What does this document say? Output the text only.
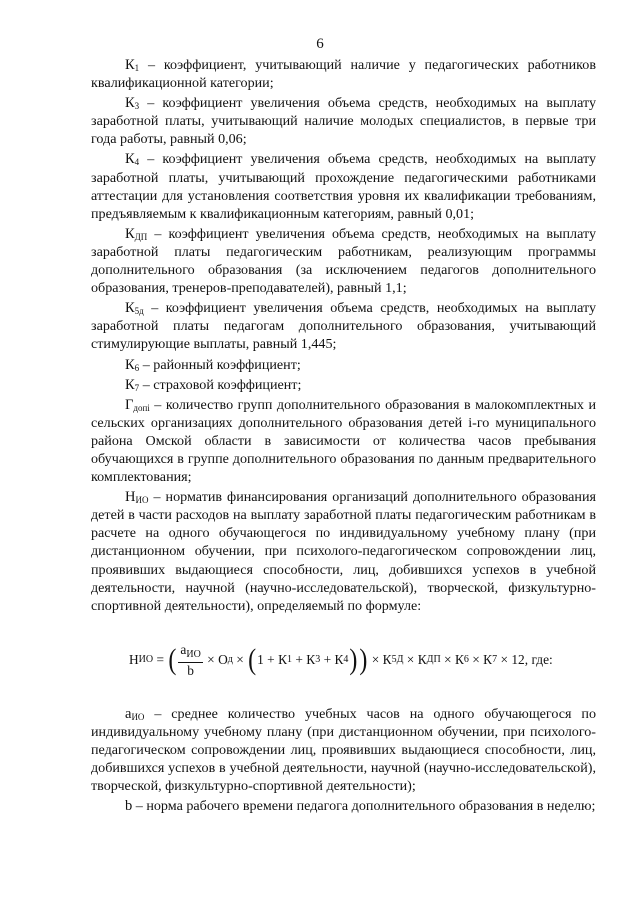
6

$К_1$ – коэффициент, учитывающий наличие у педагогических работников квалификационной категории;

$К_3$ – коэффициент увеличения объема средств, необходимых на выплату заработной платы, учитывающий наличие молодых специалистов, в первые три года работы, равный 0,06;

$К_4$ – коэффициент увеличения объема средств, необходимых на выплату заработной платы, учитывающий прохождение педагогическими работниками аттестации для установления соответствия уровня их квалификации требованиям, предъявляемым к квалификационным категориям, равный 0,01;

$К_{ДП}$ – коэффициент увеличения объема средств, необходимых на выплату заработной платы педагогическим работникам, реализующим программы дополнительного образования (за исключением педагогов дополнительного образования, тренеров-преподавателей), равный 1,1;

$К_{5д}$ – коэффициент увеличения объема средств, необходимых на выплату заработной платы педагогам дополнительного образования, учитывающий стимулирующие выплаты, равный 1,445;

$К_6$ – районный коэффициент;

$К_7$ – страховой коэффициент;

$Г_{допi}$ – количество групп дополнительного образования в малокомплектных и сельских организациях дополнительного образования детей i-го муниципального района Омской области в зависимости от количества часов пребывания обучающихся в группе дополнительного образования по данным предварительного комплектования;

$Н_{ИО}$ – норматив финансирования организаций дополнительного образования детей в части расходов на выплату заработной платы педагогическим работникам в расчете на одного обучающегося по индивидуальному учебному плану (при дистанционном обучении, при психолого-педагогическом сопровождении лиц, проявивших выдающиеся способности, лиц, добившихся успехов в учебной деятельности, научной (научно-исследовательской), творческой, физкультурно-спортивной деятельности), определяемый по формуле:

Н ИО
=
( $\frac{а_{ИО}}{b}$
× О д
×
( 1 + К 1
+ К 3
+ К 4 ) )
× К 5Д
× К ДП
× К 6
× К 7
× 12,
где:

$а_{ИО}$ – среднее количество учебных часов на одного обучающегося по индивидуальному учебному плану (при дистанционном обучении, при психолого-педагогическом сопровождении лиц, проявивших выдающиеся способности, лиц, добившихся успехов в учебной деятельности, научной (научно-исследовательской), творческой, физкультурно-спортивной деятельности);

b – норма рабочего времени педагога дополнительного образования в неделю;
